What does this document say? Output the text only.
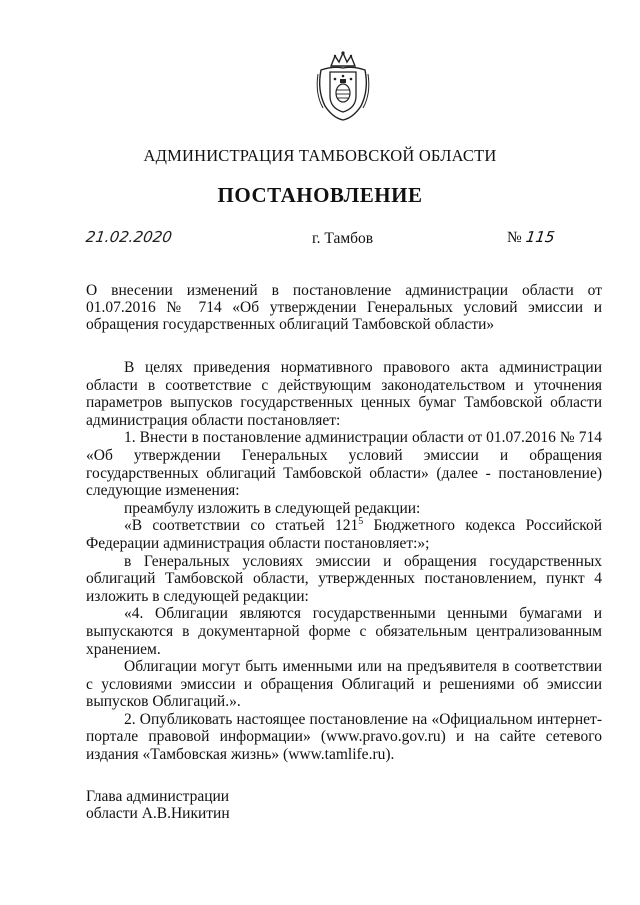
АДМИНИСТРАЦИЯ ТАМБОВСКОЙ ОБЛАСТИ
ПОСТАНОВЛЕНИЕ
21.02.2020	г. Тамбов	№ 115
О внесении изменений в постановление администрации области от 01.07.2016 № 714 «Об утверждении Генеральных условий эмиссии и обращения государственных облигаций Тамбовской области»

В целях приведения нормативного правового акта администрации области в соответствие с действующим законодательством и уточнения параметров выпусков государственных ценных бумаг Тамбовской области администрация области постановляет:

1. Внести в постановление администрации области от 01.07.2016 № 714 «Об утверждении Генеральных условий эмиссии и обращения государственных облигаций Тамбовской области» (далее - постановление) следующие изменения:

преамбулу изложить в следующей редакции:

«В соответствии со статьей $121^5$ Бюджетного кодекса Российской Федерации администрация области постановляет:»;

в Генеральных условиях эмиссии и обращения государственных облигаций Тамбовской области, утвержденных постановлением, пункт 4 изложить в следующей редакции:

«4. Облигации являются государственными ценными бумагами и выпускаются в документарной форме с обязательным централизованным хранением.

Облигации могут быть именными или на предъявителя в соответствии с условиями эмиссии и обращения Облигаций и решениями об эмиссии выпусков Облигаций.».

2. Опубликовать настоящее постановление на «Официальном интернет-портале правовой информации» (www.pravo.gov.ru) и на сайте сетевого издания «Тамбовская жизнь» (www.tamlife.ru).

Глава администрации
области А.В.Никитин
